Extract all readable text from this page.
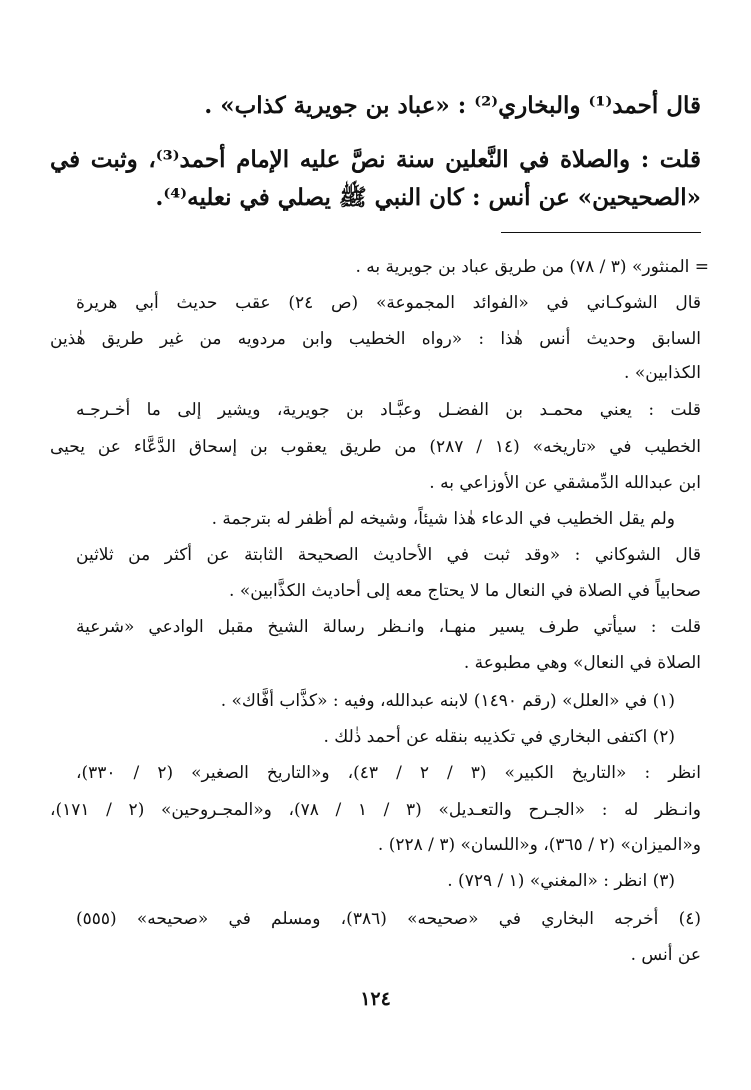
قال أحمد⁽¹⁾ والبخاري⁽²⁾ : «عباد بن جويرية كذاب» .
قلت : والصلاة في النَّعلين سنة نصَّ عليه الإمام أحمد⁽³⁾، وثبت في
«الصحيحين» عن أنس : كان النبي ﷺ يصلي في نعليه⁽⁴⁾.
= المنثور» (٣ / ٧٨) من طريق عباد بن جويرية به .
قال الشوكـاني في «الفوائد المجموعة» (ص ٢٤) عقب حديث أبي هريرة
السابق وحديث أنس هٰذا : «رواه الخطيب وابن مردويه من غير طريق هٰذين
الكذابين» .
قلت : يعني محمـد بن الفضـل وعبَّـاد بن جويرية، ويشير إلى ما أخـرجـه
الخطيب في «تاريخه» (١٤ / ٢٨٧) من طريق يعقوب بن إسحاق الدَّعَّاء عن يحيى
ابن عبدالله الدِّمشقي عن الأوزاعي به .
ولم يقل الخطيب في الدعاء هٰذا شيئاً، وشيخه لم أظفر له بترجمة .
قال الشوكاني : «وقد ثبت في الأحاديث الصحيحة الثابتة عن أكثر من ثلاثين
صحابياً في الصلاة في النعال ما لا يحتاج معه إلى أحاديث الكذَّابين» .
قلت : سيأتي طرف يسير منهـا، وانـظر رسالة الشيخ مقبل الوادعي «شرعية
الصلاة في النعال» وهي مطبوعة .
(١) في «العلل» (رقم ١٤٩٠) لابنه عبدالله، وفيه : «كذَّاب أفَّاك» .
(٢) اكتفى البخاري في تكذيبه بنقله عن أحمد ذٰلك .
انظر : «التاريخ الكبير» (٣ / ٢ / ٤٣)، و«التاريخ الصغير» (٢ / ٣٣٠)،
وانـظر له : «الجـرح والتعـديل» (٣ / ١ / ٧٨)، و«المجـروحين» (٢ / ١٧١)،
و«الميزان» (٢ / ٣٦٥)، و«اللسان» (٣ / ٢٢٨) .
(٣) انظر : «المغني» (١ / ٧٢٩) .
(٤) أخرجه البخاري في «صحيحه» (٣٨٦)، ومسلم في «صحيحه» (٥٥٥)
عن أنس .
١٢٤
